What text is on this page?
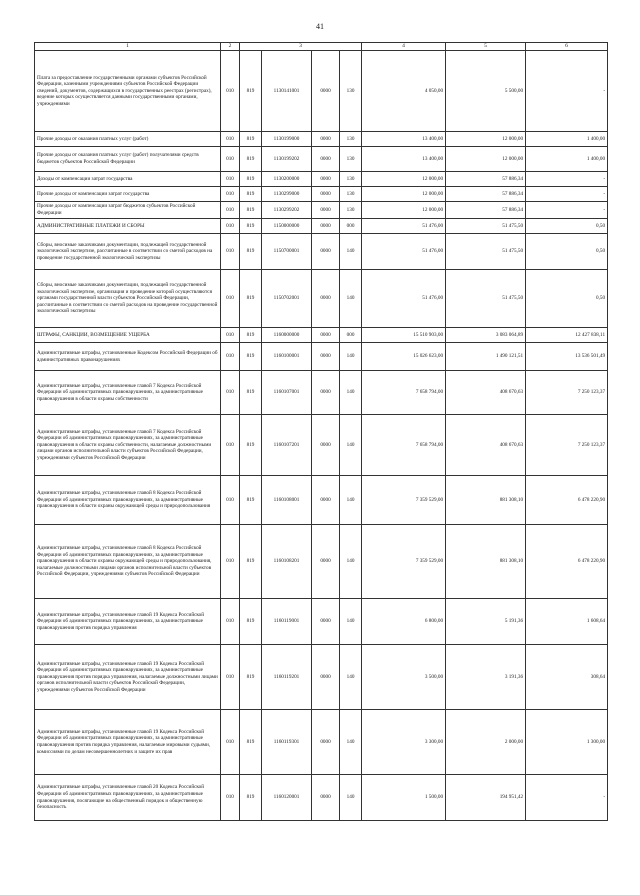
41
1	2	3				4	5	6
Плата за предоставление государственными органами субъектов Российской Федерации, казенными учреждениями субъектов Российской Федерации сведений, документов, содержащихся в государственных реестрах (регистрах), ведение которых осуществляется данными государственными органами, учреждениями	010	819	1130141001	0000	130	4 050,00	5 500,00	-
Прочие доходы от оказания платных услуг (работ)	010	819	1130199000	0000	130	13 400,00	12 000,00	1 400,00
Прочие доходы от оказания платных услуг (работ) получателями средств бюджетов субъектов Российской Федерации	010	819	1130199202	0000	130	13 400,00	12 000,00	1 400,00
Доходы от компенсации затрат государства	010	819	1130200000	0000	130	12 000,00	57 886,34	-
Прочие доходы от компенсации затрат государства	010	819	1130299000	0000	130	12 000,00	57 886,34	-
Прочие доходы от компенсации затрат бюджетов субъектов Российской Федерации	010	819	1130299202	0000	130	12 000,00	57 886,34	-
АДМИНИСТРАТИВНЫЕ ПЛАТЕЖИ И СБОРЫ	010	819	1150000000	0000	000	51 476,00	51 475,50	0,50
Сборы, вносимые заказчиками документации, подлежащей государственной экологической экспертизе, рассчитанные в соответствии со сметой расходов на проведение государственной экологической экспертизы	010	819	1150700001	0000	140	51 476,00	51 475,50	0,50
Сборы, вносимые заказчиками документации, подлежащей государственной экологической экспертизе, организация и проведение которой осуществляются органами государственной власти субъектов Российской Федерации, рассчитанные в соответствии со сметой расходов на проведение государственной экологической экспертизы	010	819	1150702001	0000	140	51 476,00	51 475,50	0,50
ШТРАФЫ, САНКЦИИ, ВОЗМЕЩЕНИЕ УЩЕРБА	010	819	1160000000	0000	000	15 510 903,00	3 083 064,89	12 427 838,11
Административные штрафы, установленные Кодексом Российской Федерации об административных правонарушениях	010	819	1160100001	0000	140	15 026 623,00	1 490 121,51	13 536 501,49
Административные штрафы, установленные главой 7 Кодекса Российской Федерации об административных правонарушениях, за административные правонарушения в области охраны собственности	010	819	1160107001	0000	140	7 658 794,00	408 670,63	7 250 123,37
Административные штрафы, установленные главой 7 Кодекса Российской Федерации об административных правонарушениях, за административные правонарушения в области охраны собственности, налагаемые должностными лицами органов исполнительной власти субъектов Российской Федерации, учреждениями субъектов Российской Федерации	010	819	1160107201	0000	140	7 658 794,00	408 670,63	7 250 123,37
Административные штрафы, установленные главой 8 Кодекса Российской Федерации об административных правонарушениях, за административные правонарушения в области охраны окружающей среды и природопользования	010	819	1160108001	0000	140	7 359 529,00	881 308,10	6 478 220,90
Административные штрафы, установленные главой 8 Кодекса Российской Федерации об административных правонарушениях, за административные правонарушения в области охраны окружающей среды и природопользования, налагаемые должностными лицами органов исполнительной власти субъектов Российской Федерации, учреждениями субъектов Российской Федерации	010	819	1160108201	0000	140	7 359 529,00	881 308,10	6 478 220,90
Административные штрафы, установленные главой 19 Кодекса Российской Федерации об административных правонарушениях, за административные правонарушения против порядка управления	010	819	1160119001	0000	140	6 800,00	5 191,36	1 608,64
Административные штрафы, установленные главой 19 Кодекса Российской Федерации об административных правонарушениях, за административные правонарушения против порядка управления, налагаемые должностными лицами органов исполнительной власти субъектов Российской Федерации, учреждениями субъектов Российской Федерации	010	819	1160119201	0000	140	3 500,00	3 191,36	308,64
Административные штрафы, установленные главой 19 Кодекса Российской Федерации об административных правонарушениях, за административные правонарушения против порядка управления, налагаемые мировыми судьями, комиссиями по делам несовершеннолетних и защите их прав	010	819	1160119301	0000	140	3 300,00	2 000,00	1 300,00
Административные штрафы, установленные главой 20 Кодекса Российской Федерации об административных правонарушениях, за административные правонарушения, посягающие на общественный порядок и общественную безопасность	010	819	1160120001	0000	140	1 500,00	194 951,42	-
